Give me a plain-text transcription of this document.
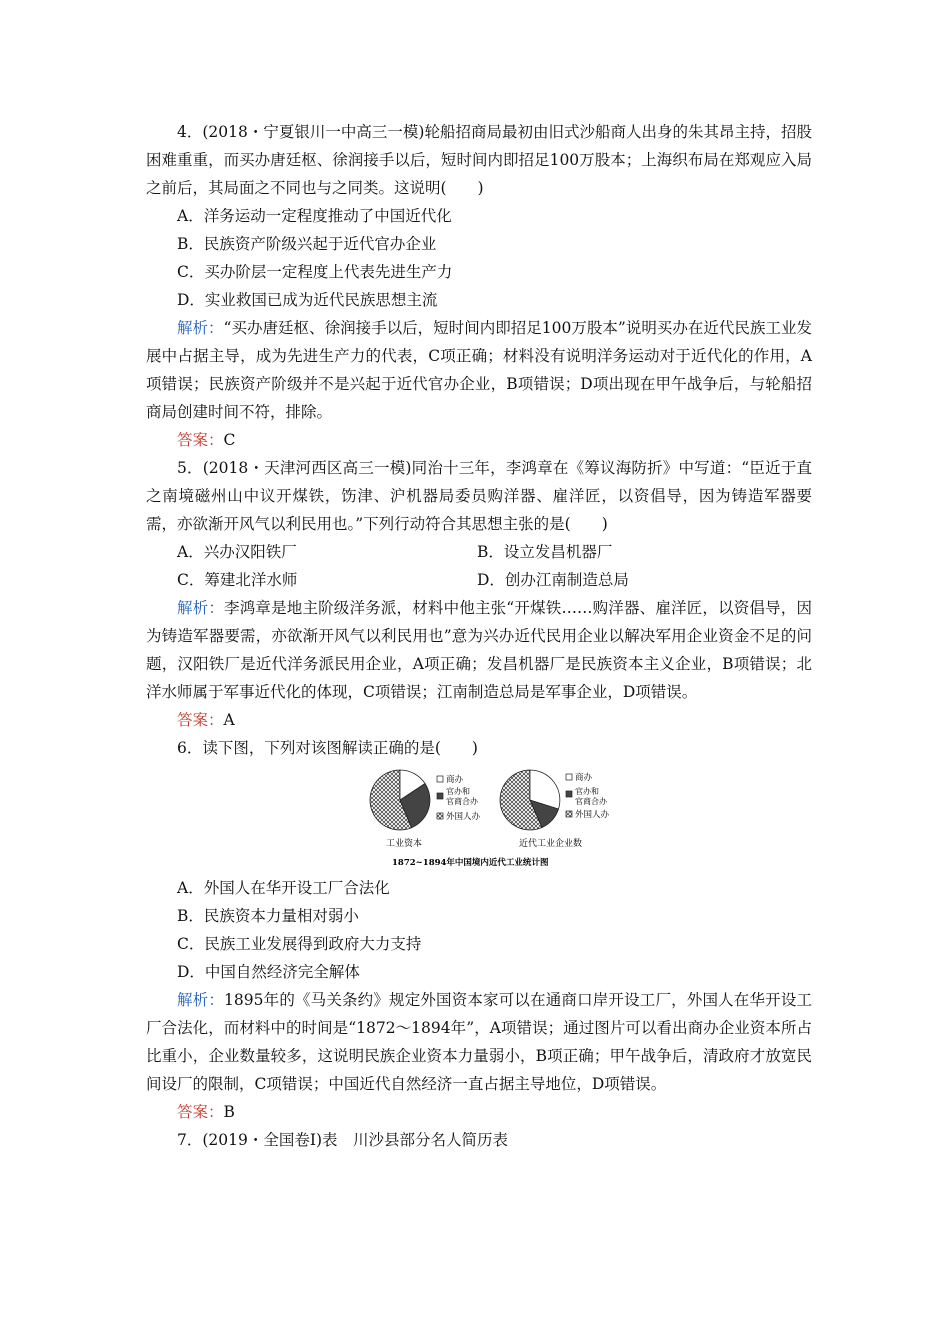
4．(2018・宁夏银川一中高三一模)轮船招商局最初由旧式沙船商人出身的朱其昂主持，招股困难重重，而买办唐廷枢、徐润接手以后，短时间内即招足100万股本；上海织布局在郑观应入局之前后，其局面之不同也与之同类。这说明(　　)

A．洋务运动一定程度推动了中国近代化

B．民族资产阶级兴起于近代官办企业

C．买办阶层一定程度上代表先进生产力

D．实业救国已成为近代民族思想主流

解析：“买办唐廷枢、徐润接手以后，短时间内即招足100万股本”说明买办在近代民族工业发展中占据主导，成为先进生产力的代表，C项正确；材料没有说明洋务运动对于近代化的作用，A项错误；民族资产阶级并不是兴起于近代官办企业，B项错误；D项出现在甲午战争后，与轮船招商局创建时间不符，排除。

答案：C

5．(2018・天津河西区高三一模)同治十三年，李鸿章在《筹议海防折》中写道：“臣近于直之南境磁州山中议开煤铁，饬津、沪机器局委员购洋器、雇洋匠，以资倡导，因为铸造军器要需，亦欲渐开风气以利民用也。”下列行动符合其思想主张的是(　　)

A．兴办汉阳铁厂	B．设立发昌机器厂
C．筹建北洋水师	D．创办江南制造总局

解析：李鸿章是地主阶级洋务派，材料中他主张“开煤铁……购洋器、雇洋匠，以资倡导，因为铸造军器要需，亦欲渐开风气以利民用也”意为兴办近代民用企业以解决军用企业资金不足的问题，汉阳铁厂是近代洋务派民用企业，A项正确；发昌机器厂是民族资本主义企业，B项错误；北洋水师属于军事近代化的体现，C项错误；江南制造总局是军事企业，D项错误。

答案：A

6．读下图，下列对该图解读正确的是(　　)

商办
官办和 官商合办
外国人办
商办
官办和官商合办
外国人办
工业资本	近代工业企业数
1872~1894年中国境内近代工业统计图

A．外国人在华开设工厂合法化

B．民族资本力量相对弱小

C．民族工业发展得到政府大力支持

D．中国自然经济完全解体

解析：1895年的《马关条约》规定外国资本家可以在通商口岸开设工厂，外国人在华开设工厂合法化，而材料中的时间是“1872～1894年”，A项错误；通过图片可以看出商办企业资本所占比重小，企业数量较多，这说明民族企业资本力量弱小，B项正确；甲午战争后，清政府才放宽民间设厂的限制，C项错误；中国近代自然经济一直占据主导地位，D项错误。

答案：B

7．(2019・全国卷Ⅰ)表　川沙县部分名人简历表
